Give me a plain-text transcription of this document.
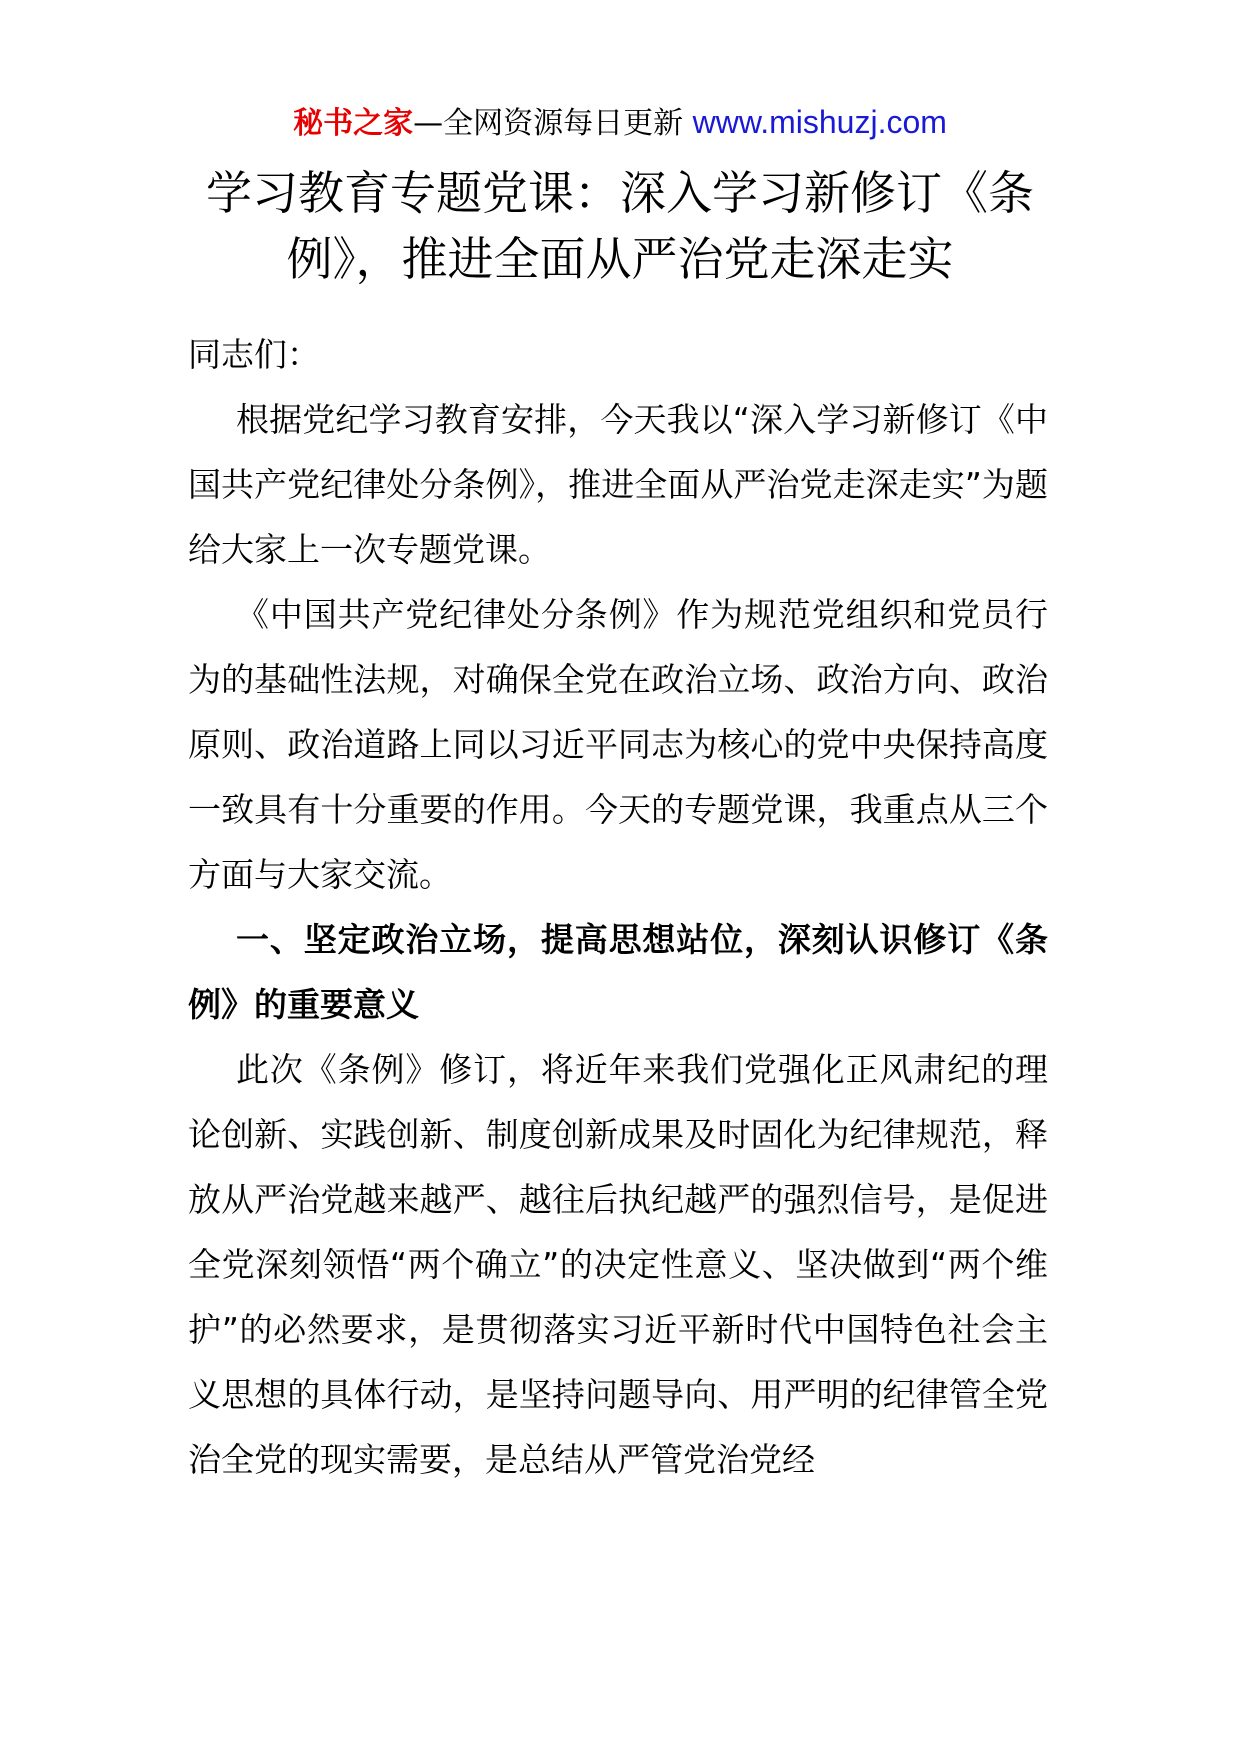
秘书之家—全网资源每日更新 www.mishuzj.com
学习教育专题党课：深入学习新修订《条
例》，推进全面从严治党走深走实

同志们：

根据党纪学习教育安排，今天我以“深入学习新修订《中国共产党纪律处分条例》，推进全面从严治党走深走实”为题给大家上一次专题党课。

《中国共产党纪律处分条例》作为规范党组织和党员行为的基础性法规，对确保全党在政治立场、政治方向、政治原则、政治道路上同以习近平同志为核心的党中央保持高度一致具有十分重要的作用。今天的专题党课，我重点从三个方面与大家交流。

一、坚定政治立场，提高思想站位，深刻认识修订《条例》的重要意义

此次《条例》修订，将近年来我们党强化正风肃纪的理论创新、实践创新、制度创新成果及时固化为纪律规范，释放从严治党越来越严、越往后执纪越严的强烈信号，是促进全党深刻领悟“两个确立”的决定性意义、坚决做到“两个维护”的必然要求，是贯彻落实习近平新时代中国特色社会主义思想的具体行动，是坚持问题导向、用严明的纪律管全党治全党的现实需要，是总结从严管党治党经
